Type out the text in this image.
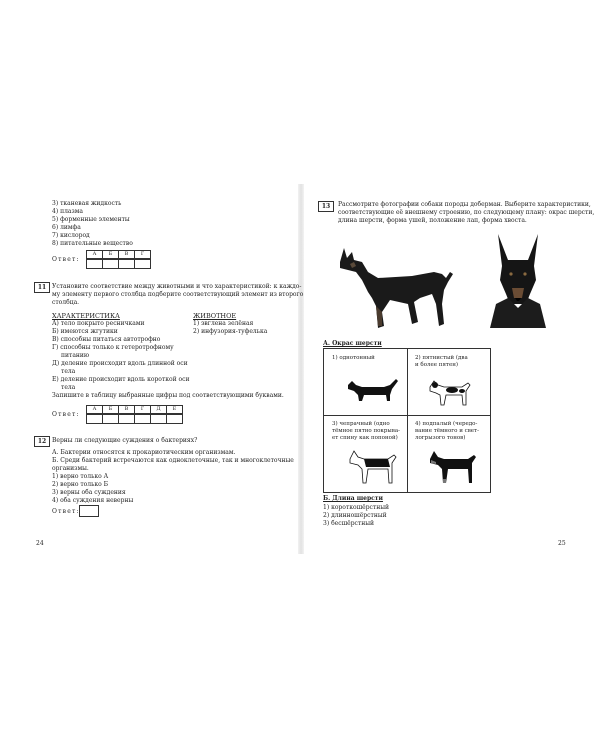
3) тканевая жидкость
4) плазма
5) форменные элементы
6) лимфа
7) кислород
8) питательные вещество
Ответ:
А	Б	В	Г
11 Установите соответствие между животными и что характеристикой: к каждо-
му элементу первого столбца подберите соответствующий элемент из второго
столбца.
ХАРАКТЕРИСТИКА	ЖИВОТНОЕ
А) тело покрыто ресничками
Б) имеются жгутики
В) способны питаться автотрофно
Г) способны только к гетеротрофному
питанию
Д) деление происходит вдоль длинной оси
тела
Е) деление происходит вдоль короткой оси
тела
1) эвглена зелёная
2) инфузория-туфелька
Запишите в таблицу выбранные цифры под соответствующими буквами.
Ответ:
А	Б	В	Г	Д	Е
12 Верны ли следующие суждения о бактериях?
А. Бактерии относятся к прокариотическим организмам.
Б. Среди бактерий встречаются как одноклеточные, так и многоклеточные
организмы.
1) верно только А
2) верно только Б
3) верны оба суждения
4) оба суждения неверны
Ответ:
24
13	Рассмотрите фотографии собаки породы доберман. Выберите характеристики,
соответствующие её внешнему строению, по следующему плану: окрас шерсти,
длина шерсти, форма ушей, положение лап, форма хвоста.
А. Окрас шерсти
1) однотонный	2) пятнистый (два
и более пятен)
3) чепрачный (одно
тёмное пятно покрыва-
ет спину как попоной)
4) подпалый (чередо-
вание тёмного и свет-
логрызого тонов)
Б. Длина шерсти
1) короткошёрстный
2) длинношёрстный
3) бесшёрстный
25
